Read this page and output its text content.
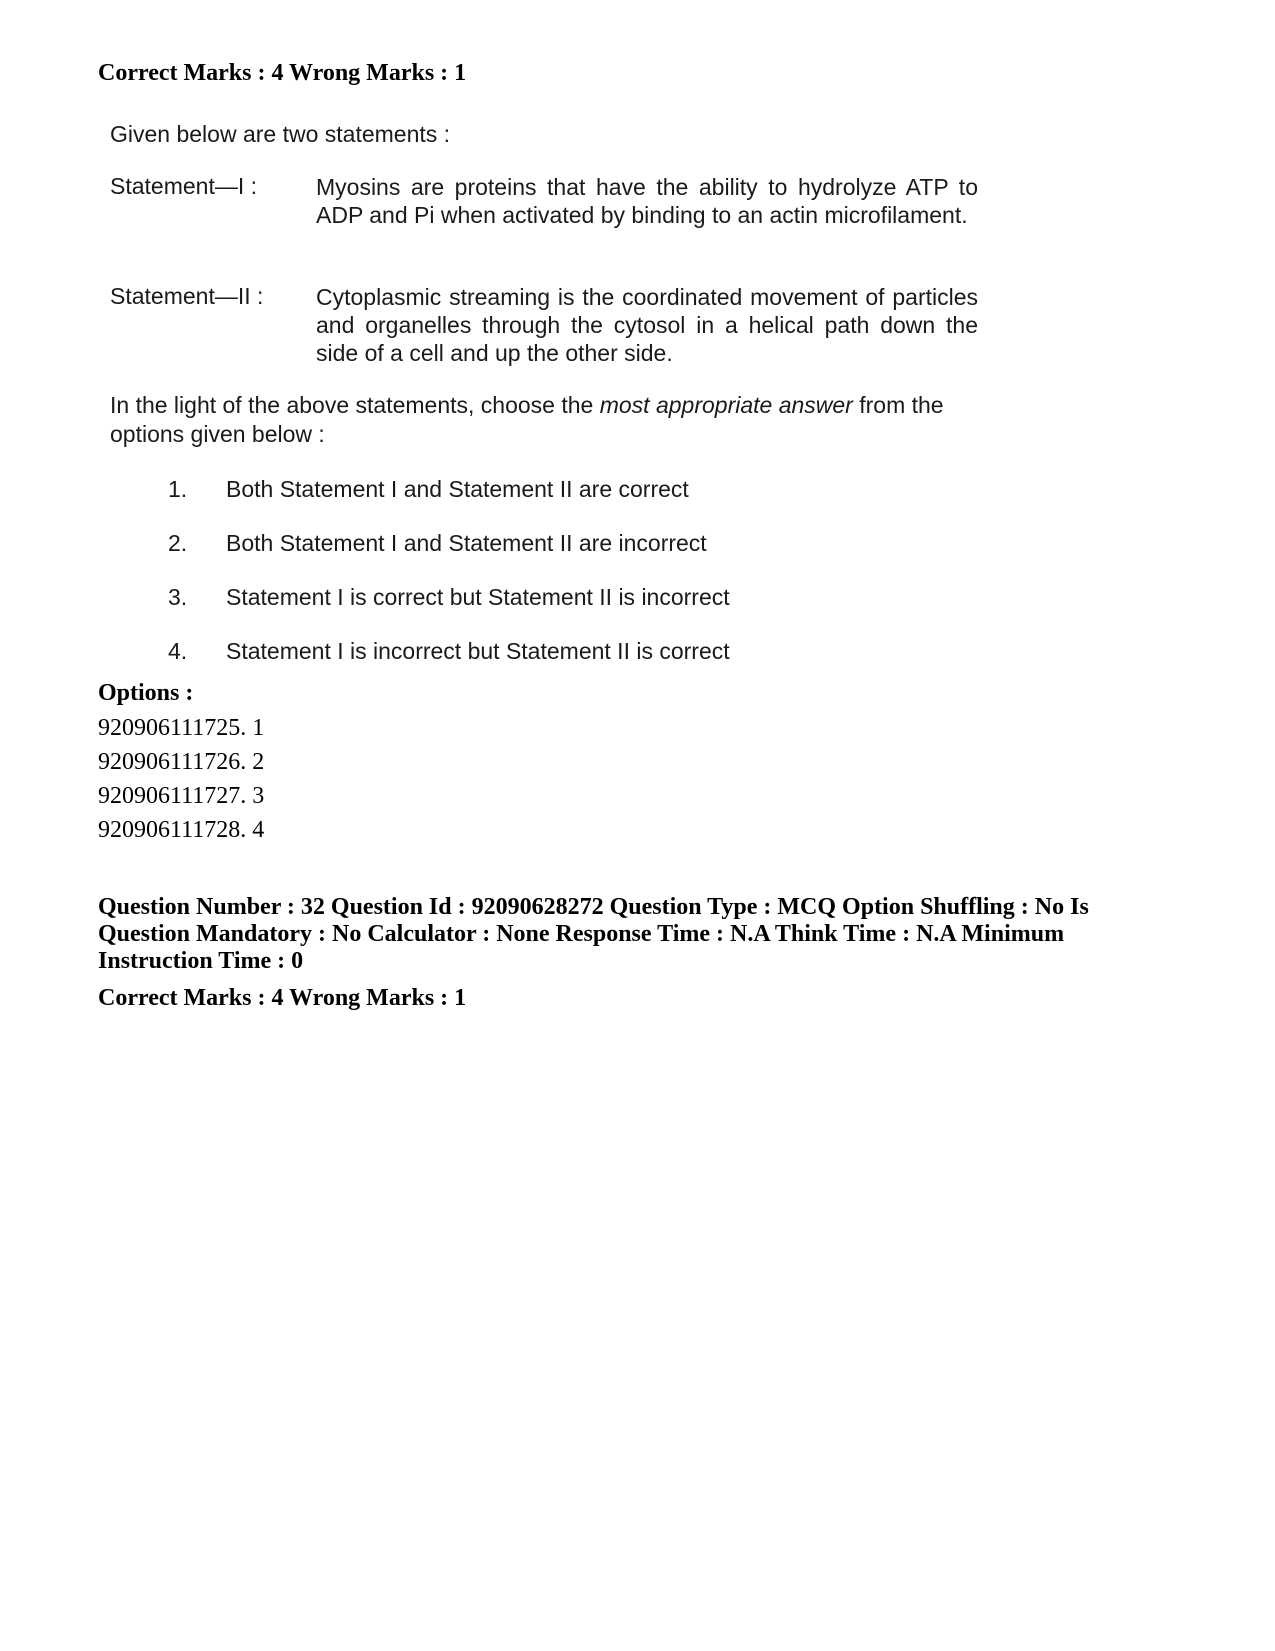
Correct Marks : 4 Wrong Marks : 1
Given below are two statements :
Statement—I :	Myosins are proteins that have the ability to hydrolyze ATP to ADP and Pi when activated by binding to an actin microfilament.
Statement—II : Cytoplasmic streaming is the coordinated movement of particles and organelles through the cytosol in a helical path down the side of a cell and up the other side.
In the light of the above statements, choose the most appropriate answer from the options given below :
1. Both Statement I and Statement II are correct
2. Both Statement I and Statement II are incorrect
3. Statement I is correct but Statement II is incorrect
4. Statement I is incorrect but Statement II is correct
Options :
920906111725. 1
920906111726. 2
920906111727. 3
920906111728. 4
Question Number : 32 Question Id : 92090628272 Question Type : MCQ Option Shuffling : No Is Question Mandatory : No Calculator : None Response Time : N.A Think Time : N.A Minimum Instruction Time : 0
Correct Marks : 4 Wrong Marks : 1
